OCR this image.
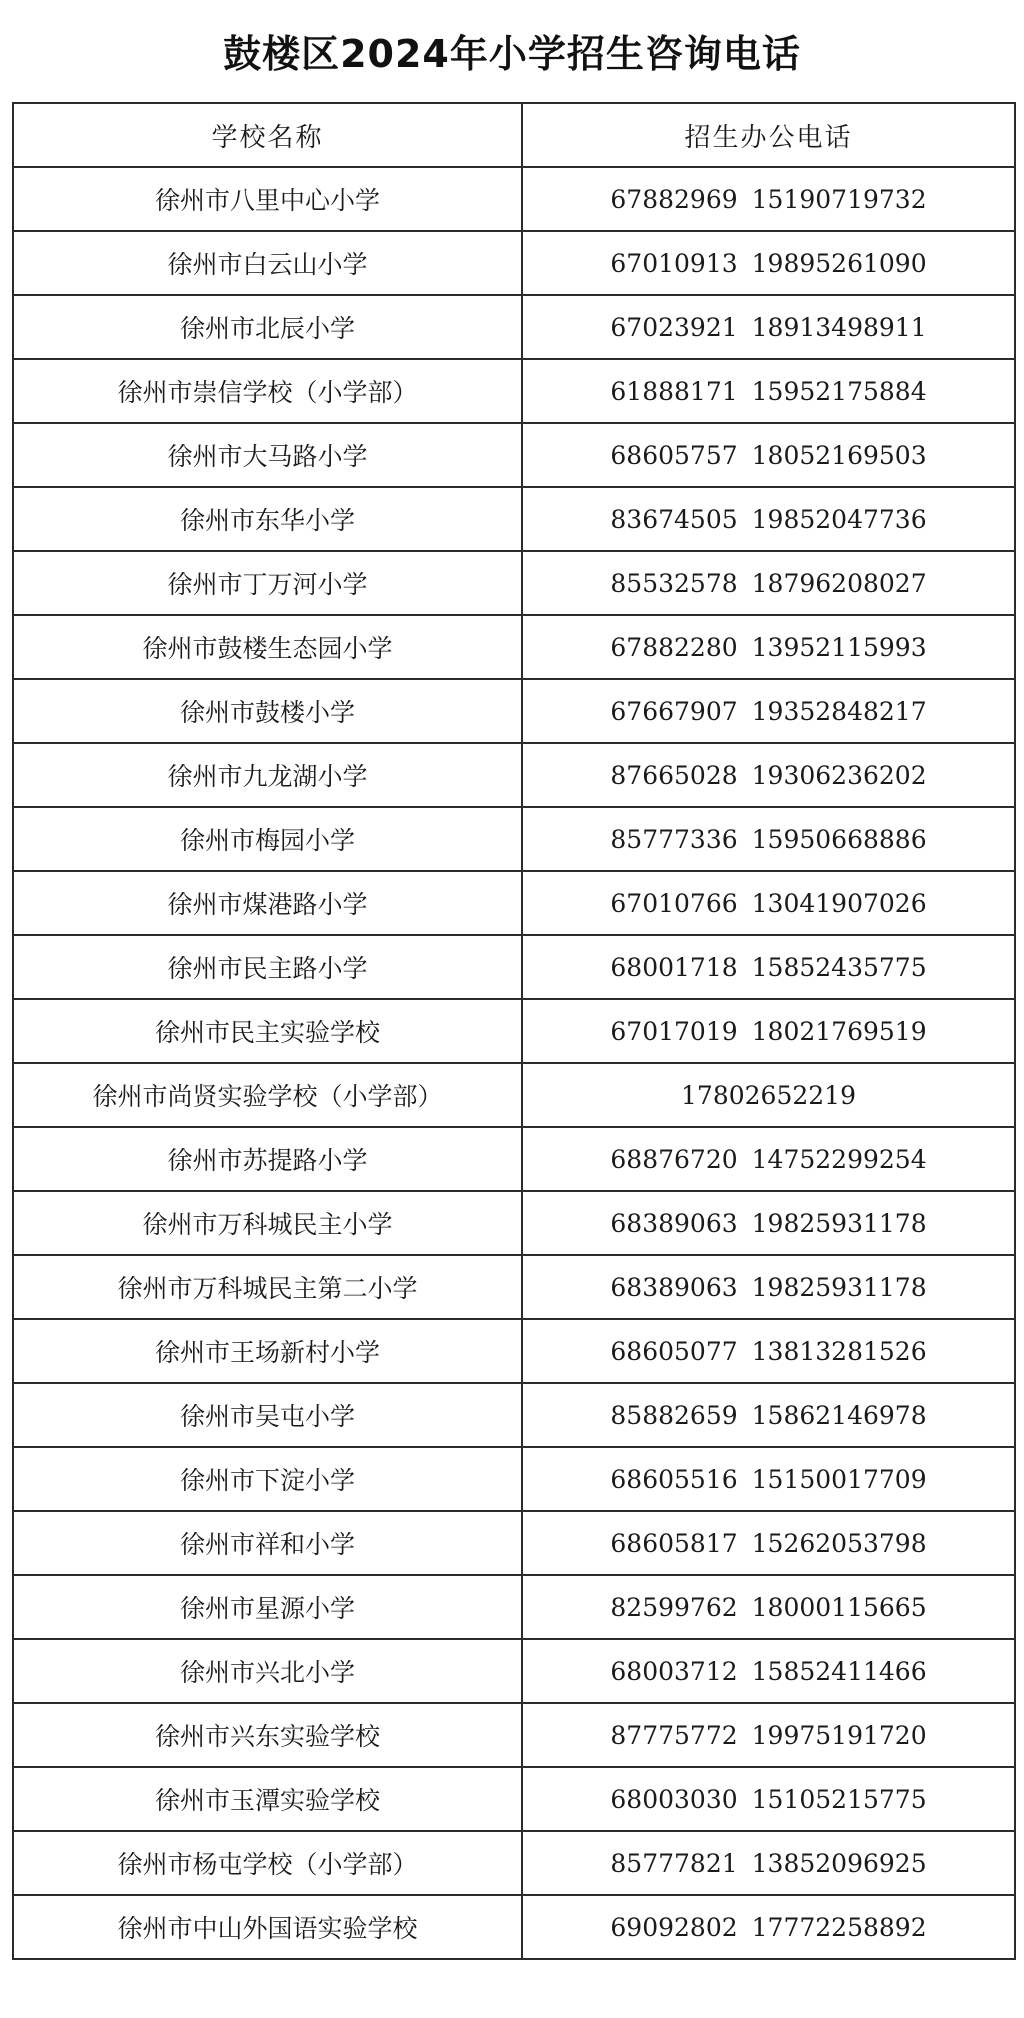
鼓楼区2024年小学招生咨询电话
学校名称	招生办公电话
徐州市八里中心小学	67882969 15190719732
徐州市白云山小学	67010913 19895261090
徐州市北辰小学	67023921 18913498911
徐州市崇信学校（小学部）	61888171 15952175884
徐州市大马路小学	68605757 18052169503
徐州市东华小学	83674505 19852047736
徐州市丁万河小学	85532578 18796208027
徐州市鼓楼生态园小学	67882280 13952115993
徐州市鼓楼小学	67667907 19352848217
徐州市九龙湖小学	87665028 19306236202
徐州市梅园小学	85777336 15950668886
徐州市煤港路小学	67010766 13041907026
徐州市民主路小学	68001718 15852435775
徐州市民主实验学校	67017019 18021769519
徐州市尚贤实验学校（小学部）	17802652219
徐州市苏提路小学	68876720 14752299254
徐州市万科城民主小学	68389063 19825931178
徐州市万科城民主第二小学	68389063 19825931178
徐州市王场新村小学	68605077 13813281526
徐州市吴屯小学	85882659 15862146978
徐州市下淀小学	68605516 15150017709
徐州市祥和小学	68605817 15262053798
徐州市星源小学	82599762 18000115665
徐州市兴北小学	68003712 15852411466
徐州市兴东实验学校	87775772 19975191720
徐州市玉潭实验学校	68003030 15105215775
徐州市杨屯学校（小学部）	85777821 13852096925
徐州市中山外国语实验学校	69092802 17772258892
